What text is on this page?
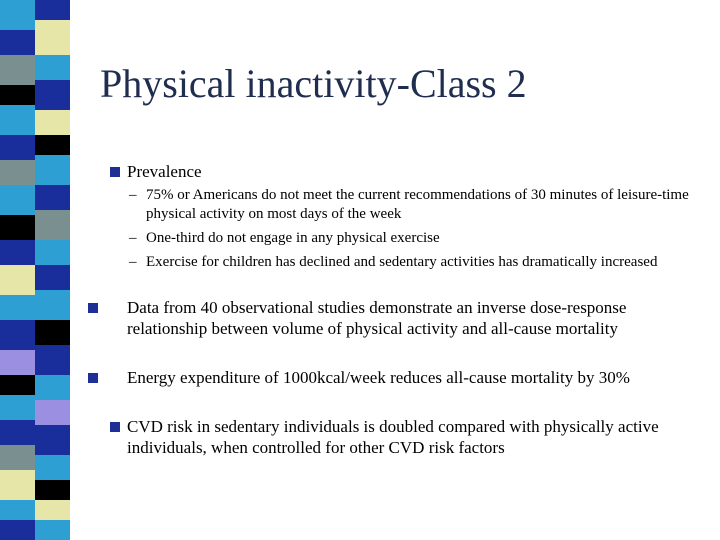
Physical inactivity-Class 2
Prevalence
– 75% or Americans do not meet the current recommendations of 30 minutes of leisure-time physical activity on most days of the week
– One-third do not engage in any physical exercise
– Exercise for children has declined and sedentary activities has dramatically increased
Data from 40 observational studies demonstrate an inverse dose-response relationship between volume of physical activity and all-cause mortality
Energy expenditure of 1000kcal/week reduces all-cause mortality by 30%
CVD risk in sedentary individuals is doubled compared with physically active individuals, when controlled for other CVD risk factors
